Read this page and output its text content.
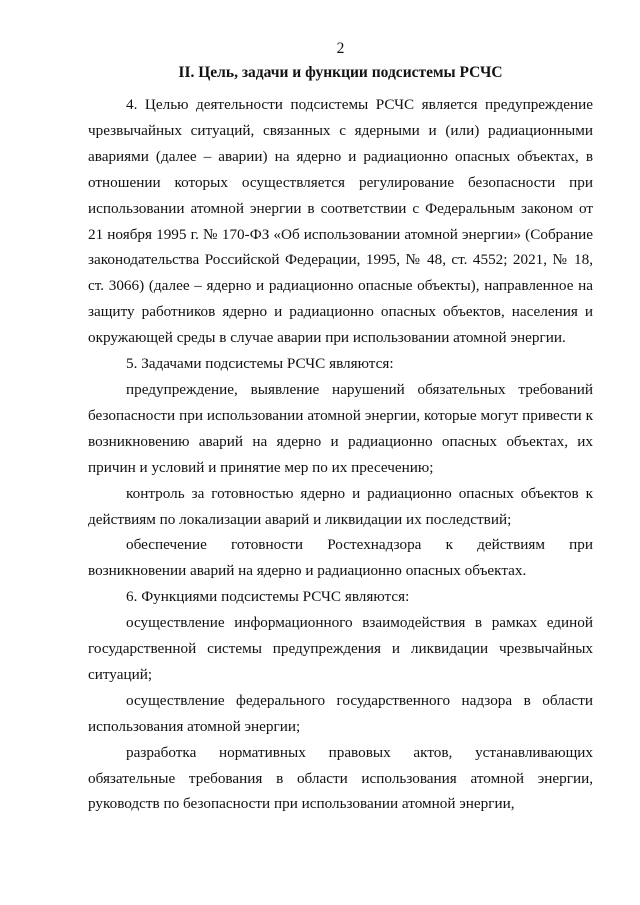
2
II. Цель, задачи и функции подсистемы РСЧС

4. Целью деятельности подсистемы РСЧС является предупреждение чрезвычайных ситуаций, связанных с ядерными и (или) радиационными авариями (далее – аварии) на ядерно и радиационно опасных объектах, в отношении которых осуществляется регулирование безопасности при использовании атомной энергии в соответствии с Федеральным законом от 21 ноября 1995 г. № 170-ФЗ «Об использовании атомной энергии» (Собрание законодательства Российской Федерации, 1995, № 48, ст. 4552; 2021, № 18, ст. 3066) (далее – ядерно и радиационно опасные объекты), направленное на защиту работников ядерно и радиационно опасных объектов, населения и окружающей среды в случае аварии при использовании атомной энергии.

5. Задачами подсистемы РСЧС являются:

предупреждение, выявление нарушений обязательных требований безопасности при использовании атомной энергии, которые могут привести к возникновению аварий на ядерно и радиационно опасных объектах, их причин и условий и принятие мер по их пресечению;

контроль за готовностью ядерно и радиационно опасных объектов к действиям по локализации аварий и ликвидации их последствий;

обеспечение готовности Ростехнадзора к действиям при возникновении аварий на ядерно и радиационно опасных объектах.

6. Функциями подсистемы РСЧС являются:

осуществление информационного взаимодействия в рамках единой государственной системы предупреждения и ликвидации чрезвычайных ситуаций;

осуществление федерального государственного надзора в области использования атомной энергии;

разработка нормативных правовых актов, устанавливающих обязательные требования в области использования атомной энергии, руководств по безопасности при использовании атомной энергии,
